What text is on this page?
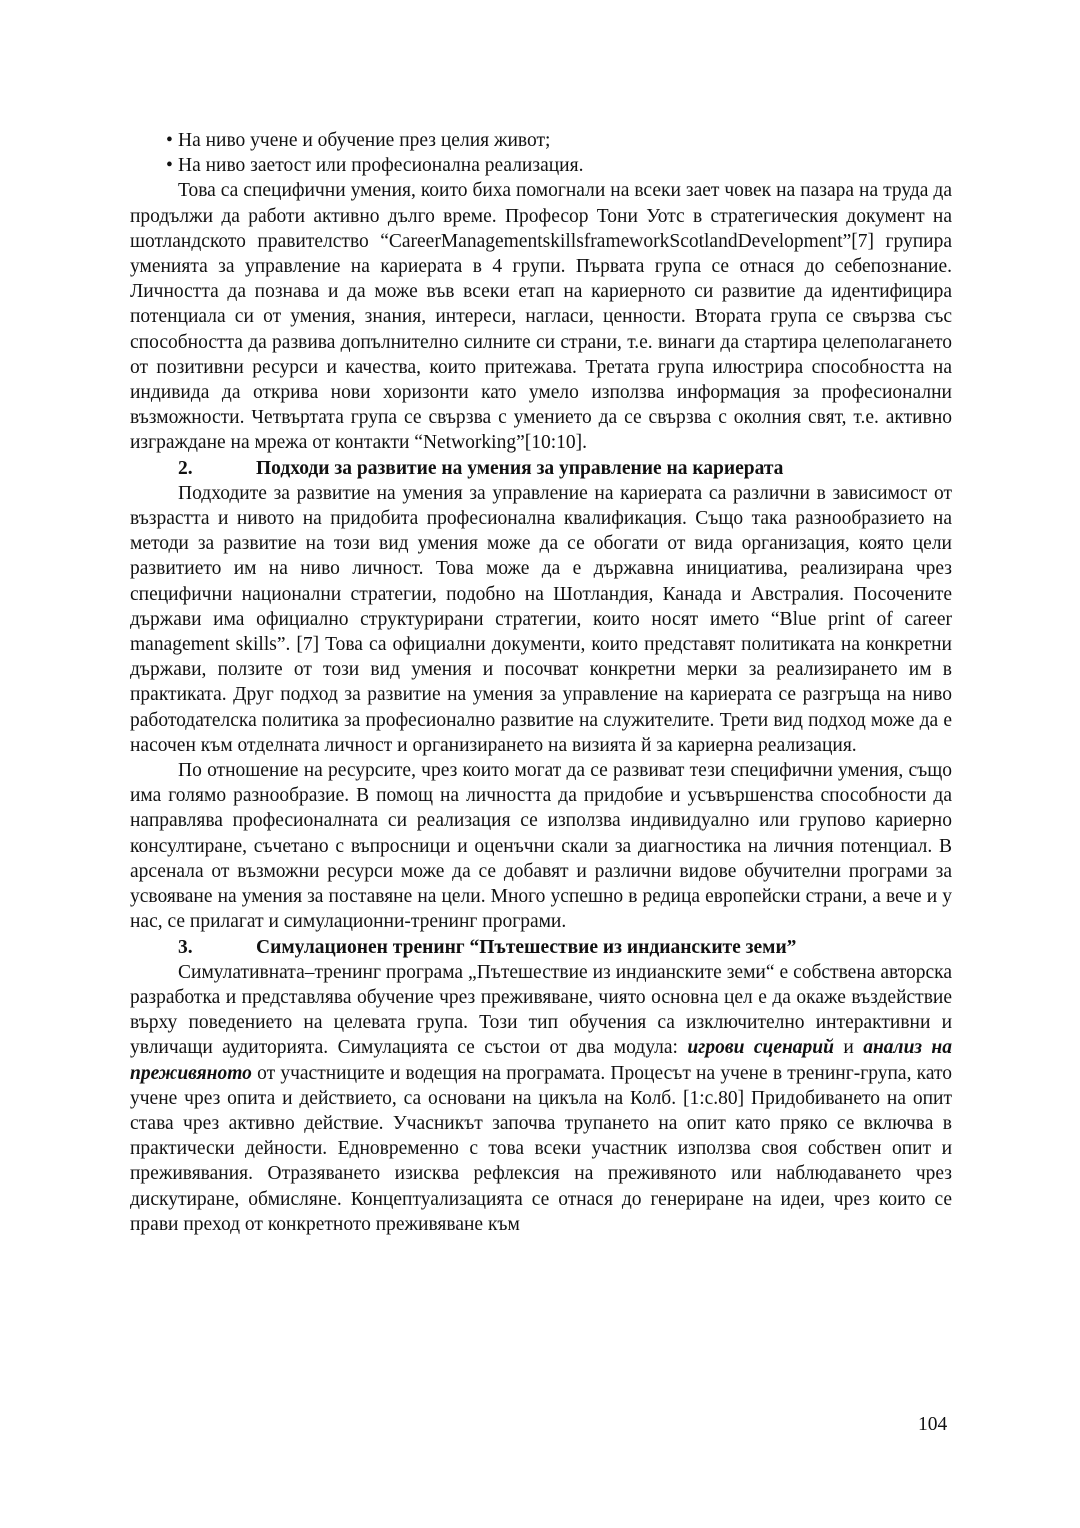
• На ниво учене и обучение през целия живот;
• На ниво заетост или професионална реализация.

Това са специфични умения, които биха помогнали на всеки зает човек на пазара на труда да продължи да работи активно дълго време. Професор Тони Уотс в стратегическия документ на шотландското правителство “CareerManagementskillsframeworkScotlandDevelopment”[7] групира уменията за управление на кариерата в 4 групи. Първата група се отнася до себепознание. Личността да познава и да може във всеки етап на кариерното си развитие да идентифицира потенциала си от умения, знания, интереси, нагласи, ценности. Втората група се свързва със способността да развива допълнително силните си страни, т.е. винаги да стартира целеполагането от позитивни ресурси и качества, които притежава. Третата група илюстрира способността на индивида да открива нови хоризонти като умело използва информация за професионални възможности. Четвъртата група се свързва с умението да се свързва с околния свят, т.е. активно изграждане на мрежа от контакти “Networking”[10:10].

2.	Подходи за развитие на умения за управление на кариерата

Подходите за развитие на умения за управление на кариерата са различни в зависимост от възрастта и нивото на придобита професионална квалификация. Също така разнообразието на методи за развитие на този вид умения може да се обогати от вида организация, която цели развитието им на ниво личност. Това може да е държавна инициатива, реализирана чрез специфични национални стратегии, подобно на Шотландия, Канада и Австралия. Посочените държави има официално структурирани стратегии, които носят името “Blue print of career management skills”. [7] Това са официални документи, които представят политиката на конкретни държави, ползите от този вид умения и посочват конкретни мерки за реализирането им в практиката. Друг подход за развитие на умения за управление на кариерата се разгръща на ниво работодателска политика за професионално развитие на служителите. Трети вид подход може да е насочен към отделната личност и организирането на визията й за кариерна реализация.

По отношение на ресурсите, чрез които могат да се развиват тези специфични умения, също има голямо разнообразие. В помощ на личността да придобие и усъвършенства способности да направлява професионалната си реализация се използва индивидуално или групово кариерно консултиране, съчетано с въпросници и оценъчни скали за диагностика на личния потенциал. В арсенала от възможни ресурси може да се добавят и различни видове обучителни програми за усвояване на умения за поставяне на цели. Много успешно в редица европейски страни, а вече и у нас, се прилагат и симулационни-тренинг програми.

3.	Симулационен тренинг “Пътешествие из индианските земи”

Симулативната–тренинг програма „Пътешествие из индианските земи“ е собствена авторска разработка и представлява обучение чрез преживяване, чиято основна цел е да окаже въздействие върху поведението на целевата група. Този тип обучения са изключително интерактивни и увличащи аудиторията. Симулацията се състои от два модула: игрови сценарий и анализ на преживяното от участниците и водещия на програмата. Процесът на учене в тренинг-група, като учене чрез опита и действието, са основани на цикъла на Колб. [1:с.80] Придобиването на опит става чрез активно действие. Учасникът започва трупането на опит като пряко се включва в практически дейности. Едновременно с това всеки участник използва своя собствен опит и преживявания. Отразяването изисква рефлексия на преживяното или наблюдаването чрез дискутиране, обмисляне. Концептуализацията се отнася до генериране на идеи, чрез които се прави преход от конкретното преживяване към

104
